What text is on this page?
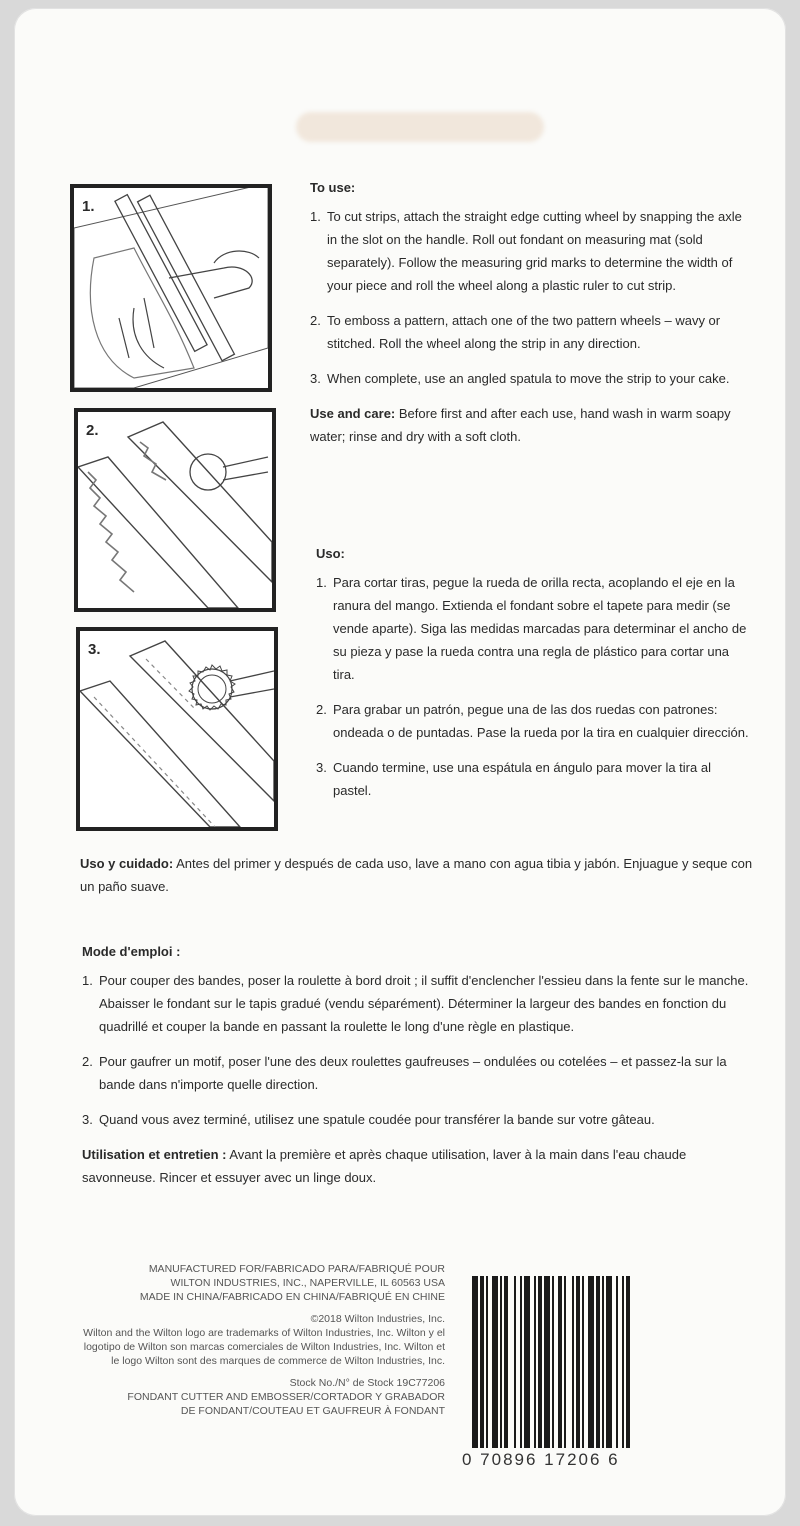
1.
2.
3.
To use:
1. To cut strips, attach the straight edge cutting wheel by snapping the axle in the slot on the handle. Roll out fondant on measuring mat (sold separately). Follow the measuring grid marks to determine the width of your piece and roll the wheel along a plastic ruler to cut strip.
2. To emboss a pattern, attach one of the two pattern wheels – wavy or stitched. Roll the wheel along the strip in any direction.
3. When complete, use an angled spatula to move the strip to your cake.

Use and care: Before first and after each use, hand wash in warm soapy water; rinse and dry with a soft cloth.

Uso:
1. Para cortar tiras, pegue la rueda de orilla recta, acoplando el eje en la ranura del mango. Extienda el fondant sobre el tapete para medir (se vende aparte). Siga las medidas marcadas para determinar el ancho de su pieza y pase la rueda contra una regla de plástico para cortar una tira.
2. Para grabar un patrón, pegue una de las dos ruedas con patrones: ondeada o de puntadas. Pase la rueda por la tira en cualquier dirección.
3. Cuando termine, use una espátula en ángulo para mover la tira al pastel.

Uso y cuidado: Antes del primer y después de cada uso, lave a mano con agua tibia y jabón. Enjuague y seque con un paño suave.

Mode d'emploi :
1. Pour couper des bandes, poser la roulette à bord droit ; il suffit d'enclencher l'essieu dans la fente sur le manche. Abaisser le fondant sur le tapis gradué (vendu séparément). Déterminer la largeur des bandes en fonction du quadrillé et couper la bande en passant la roulette le long d'une règle en plastique.
2. Pour gaufrer un motif, poser l'une des deux roulettes gaufreuses – ondulées ou cotelées – et passez-la sur la bande dans n'importe quelle direction.
3. Quand vous avez terminé, utilisez une spatule coudée pour transférer la bande sur votre gâteau.

Utilisation et entretien : Avant la première et après chaque utilisation, laver à la main dans l'eau chaude savonneuse. Rincer et essuyer avec un linge doux.

MANUFACTURED FOR/FABRICADO PARA/FABRIQUÉ POUR
WILTON INDUSTRIES, INC., NAPERVILLE, IL 60563 USA
MADE IN CHINA/FABRICADO EN CHINA/FABRIQUÉ EN CHINE
©2018 Wilton Industries, Inc.
Wilton and the Wilton logo are trademarks of Wilton Industries, Inc. Wilton y el logotipo de Wilton son marcas comerciales de Wilton Industries, Inc. Wilton et le logo Wilton sont des marques de commerce de Wilton Industries, Inc.
Stock No./N° de Stock 19C77206
FONDANT CUTTER AND EMBOSSER/CORTADOR Y GRABADOR
DE FONDANT/COUTEAU ET GAUFREUR À FONDANT
0 70896 17206 6
